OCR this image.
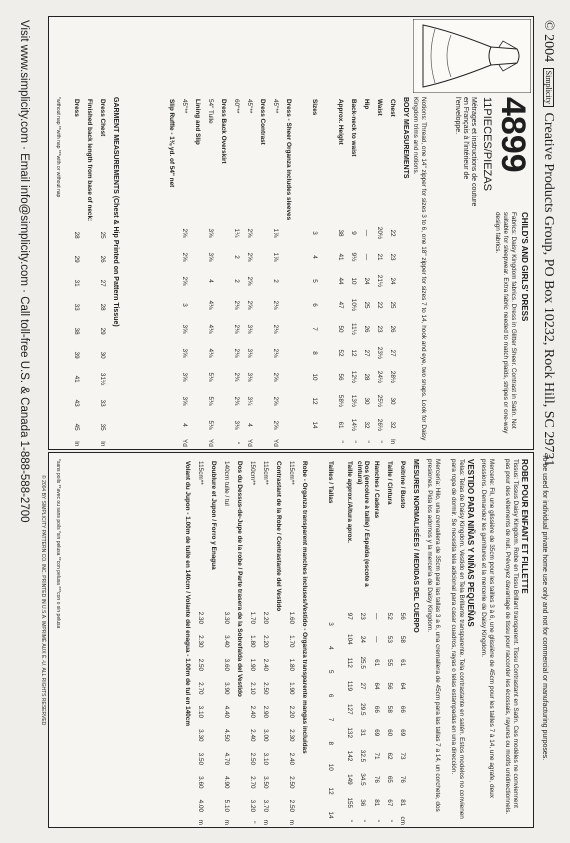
© 2004 Simplicity Creative Products Group, PO Box 10232, Rock Hill, SC 29731
To be used for individual private home use only and not for commercial or manufacturing purposes.
4899
11PIECES/PIEZAS
Métrages et instructions de couture en Français à l'intérieur de l'enveloppe.
CHILD'S AND GIRLS' DRESS
Fabrics: Daisy Kingdom fabrics. Dress in Glitter Sheer. Contrast in Satin. Not suitable for sleepwear. Extra fabric needed to match plaids, stripes or one-way design fabrics.
Notions: Thread, one 14" zipper for sizes 3 to 6, one 18" zipper for sizes 7 to 14, hook and eye, two snaps. Look for Daisy Kingdom trims and notions.
BODY MEASUREMENTS
Chest	22	23	24	25	26	27	28½	30	32	In
Waist	20½	21	21½	22	23	23½	24½	25½	26½	"
Hip	—	—	24	25	26	27	28	30	32	"
Back-neck to waist	9	9½	10	10½	11½	12	12½	13½	14½	"
Approx. Height	38	41	44	47	50	52	56	58½	61	"
Sizes	3	4	5	6	7	8	10	12	14
Dress - Sheer Organza includes sleeves										
45"**	1⅞	1⅞	2	2⅛	2⅛	2⅛	2⅝	2⅝	2⅝	Yd
Dress Contrast										
45"**	2⅝	2⅝	2⅝	2⅝	3⅛	3⅛	3⅛	3¼	4	Yd
60"**	1¼	2	2	2⅛	2⅛	2⅛	2¾	2¾	3⅛	"
Dress Back Overskirt										
54" Tulle	3⅝	3⅝	4	4⅛	4⅛	4⅛	5⅛	5⅛	5⅛	Yd
Lining and Slip										
45"**	2⅝	2⅝	2⅝	3	3⅝	3⅝	3⅝	3⅝	4	Yd
Slip Ruffle - 1⅜ yd. of 54" net										
GARMENT MEASUREMENTS (Chest & Hip Printed on Pattern Tissue)
Dress Chest	25	26	27	28	29	30	31½	33	35	In
Finished back length from base of neck:										
Dress	28	29	31	33	38	39	41	43	45	In
*without nap **with nap ***with or without nap
ROBE POUR ENFANT ET FILLETTE
Tissus: Tissus Daisy Kingdom. Robe en Tissu Brillant transparent. Tissu Contrastant en Satin. Ces modèles ne conviennent pas pour des vêtements de nuit. Prévoyez davantage de tissu pour raccorder les écossais, rayures ou motifs unidirectionnels.
Mercerie: Fil, une glissière de 35cm pour les tailles 3 à 6, une glissière de 45cm pour les tailles 7 à 14, une agrafe, deux pressions. Demandez les garnitures et la mercerie de Daisy Kingdom.
VESTIDO PARA NIÑAS Y NIÑAS PEQUEÑAS
Telas: Telas de Daisy Kingdom. Vestido en Tela Brillante transparente. Tela contrastante en satén. Estos modelos no convienen para ropa de dormir. Se necesita tela adicional para casar cuadros, rayas o telas estampadas en una dirección.
Mercería: Hilo, una cremallera de 35cm para las tallas 3 a 6, una cremallera de 45cm para las tallas 7 a 14, un corchete, dos presiones. Pida los adornos y la mercería de Daisy Kingdom.
MESURES NORMALISÉES / MEDIDAS DEL CUERPO
Poitrine / Busto	56	58	61	64	66	69	73	76	81	cm
Taille / Cintura	52	53	55	56	58	60	62	65	67	"
Hanches / Caderas	—	—	61	64	66	69	71	76	81	"
Dos (encolure à taille) / Espalda (escote a cintura)	23	24	25.5	27	29.5	31	32.5	34.5	36	"
Taille approx./Altura aprox.	97	104	112	119	127	132	142	149	155	"
Tailles / Tallas	3	4	5	6	7	8	10	12	14
Robe - Organza transparent manches incluses/Vestido - Organza transparente mangas incluidas										
115cm**	1.60	1.70	1.80	1.90	2.20	2.30	2.40	2.50	2.50	m
Contrastant de la Robe / Contrastante del Vestido										
115cm**	2.20	2.20	2.40	2.50	2.90	3.00	3.10	3.50	3.70	m
150cm**	1.70	1.80	1.90	2.10	2.40	2.40	2.50	2.70	3.20	"
Dos du Dessus-de-Jupe de la robe / Parte trasera de la Sobrefalda del Vestido										
140cm tulle / tul	3.30	3.40	3.60	3.90	4.40	4.50	4.70	4.90	5.10	m
Doublure et Jupon / Forro y Enagua										
115cm**	2.30	2.30	2.50	2.70	3.10	3.30	3.50	3.60	4.00	m
Volant du Jupon - 1.00m de tulle en 140cm / Volante del enagua - 1.00m de tul en 140cm										
*sans poils **avec ou sans poils *sin pelusa **con pelusa ***con o sin pelusa
© 2004 BY SIMPLICITY PATTERN CO. INC. PRINTED IN U.S.A. IMPRIMÉ AUX É.-U. ALL RIGHTS RESERVED
Visit www.simplicity.com · Email info@simplicity.com · Call toll-free U.S. & Canada 1-888-588-2700
